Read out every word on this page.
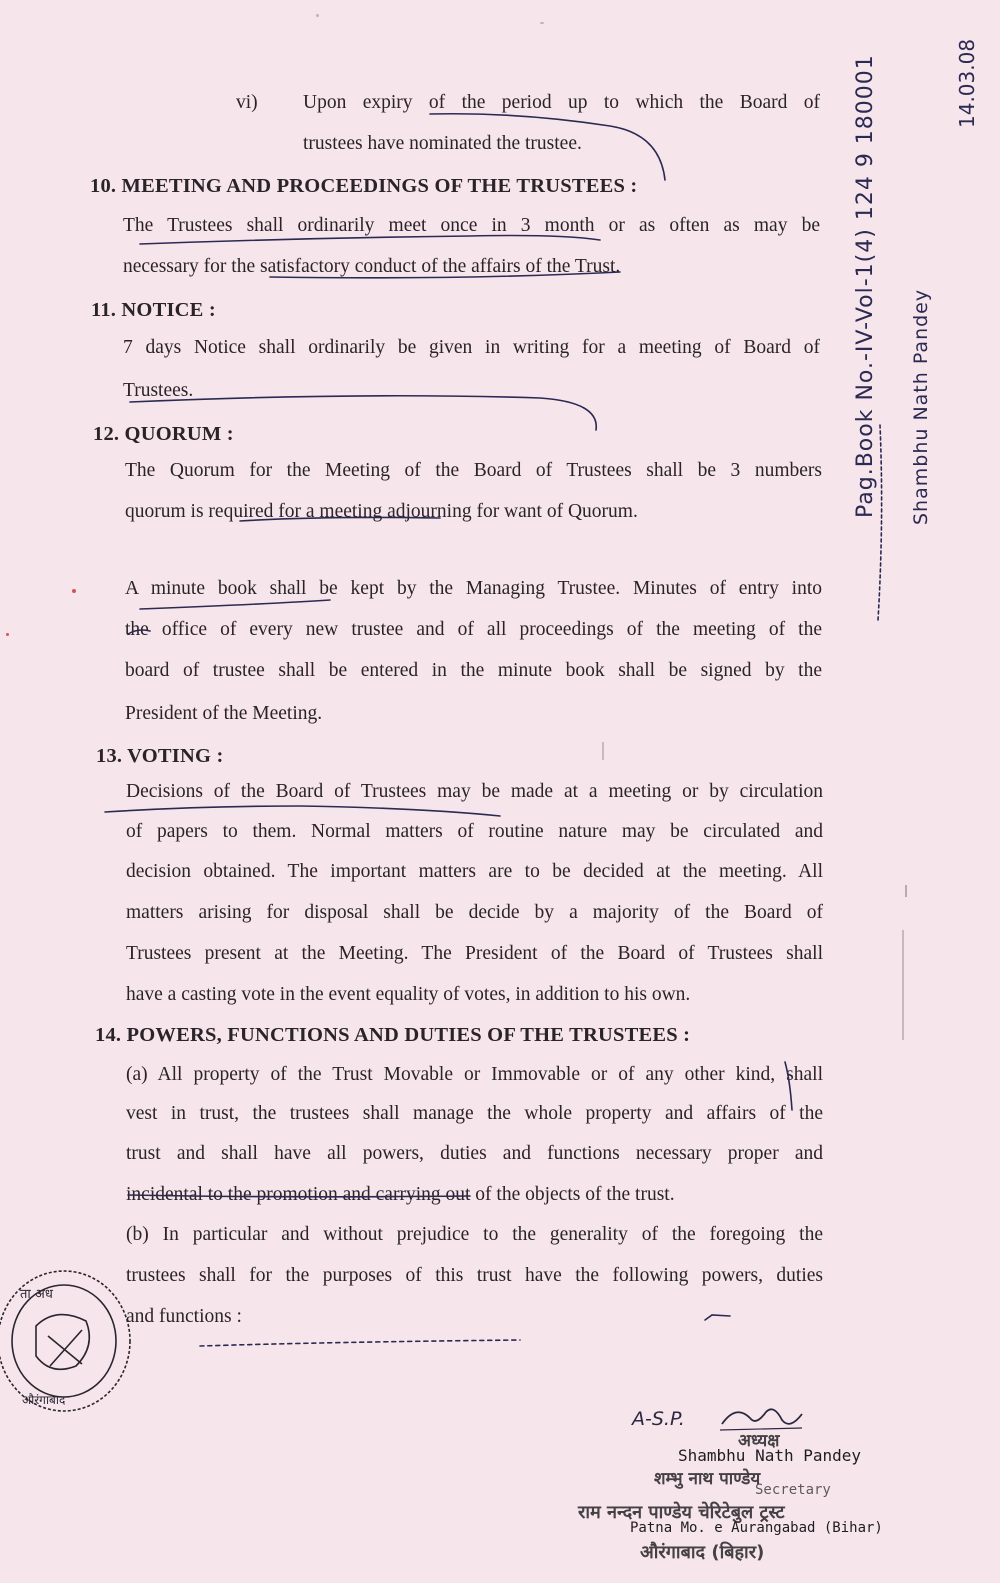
vi) Upon expiry of the period up to which the Board of
trustees have nominated the trustee.
10. MEETING AND PROCEEDINGS OF THE TRUSTEES :
The Trustees shall ordinarily meet once in 3 month or as often as may be
necessary for the satisfactory conduct of the affairs of the Trust.
11. NOTICE :
7 days Notice shall ordinarily be given in writing for a meeting of Board of
Trustees.
12. QUORUM :
The Quorum for the Meeting of the Board of Trustees shall be 3 numbers
quorum is required for a meeting adjourning for want of Quorum.
A minute book shall be kept by the Managing Trustee. Minutes of entry into
the office of every new trustee and of all proceedings of the meeting of the
board of trustee shall be entered in the minute book shall be signed by the
President of the Meeting.
13. VOTING :
Decisions of the Board of Trustees may be made at a meeting or by circulation
of papers to them. Normal matters of routine nature may be circulated and
decision obtained. The important matters are to be decided at the meeting. All
matters arising for disposal shall be decide by a majority of the Board of
Trustees present at the Meeting. The President of the Board of Trustees shall
have a casting vote in the event equality of votes, in addition to his own.
14. POWERS, FUNCTIONS AND DUTIES OF THE TRUSTEES :
(a) All property of the Trust Movable or Immovable or of any other kind, shall
vest in trust, the trustees shall manage the whole property and affairs of the
trust and shall have all powers, duties and functions necessary proper and
incidental to the promotion and carrying out of the objects of the trust.
(b) In particular and without prejudice to the generality of the foregoing the
trustees shall for the purposes of this trust have the following powers, duties
and functions :
Pag.Book No.-IV-Vol-1(4) 124 9 180001 Shambhu Nath Pandey
14.03.08
ता अध
औरंगाबाद
A-S.P.
अध्यक्ष
Shambhu Nath Pandey
शम्भु नाथ पाण्डेय
Secretary
राम नन्दन पाण्डेय चेरिटेबुल ट्रस्ट
Patna Mo. e Aurangabad (Bihar)
औरंगाबाद (बिहार)
